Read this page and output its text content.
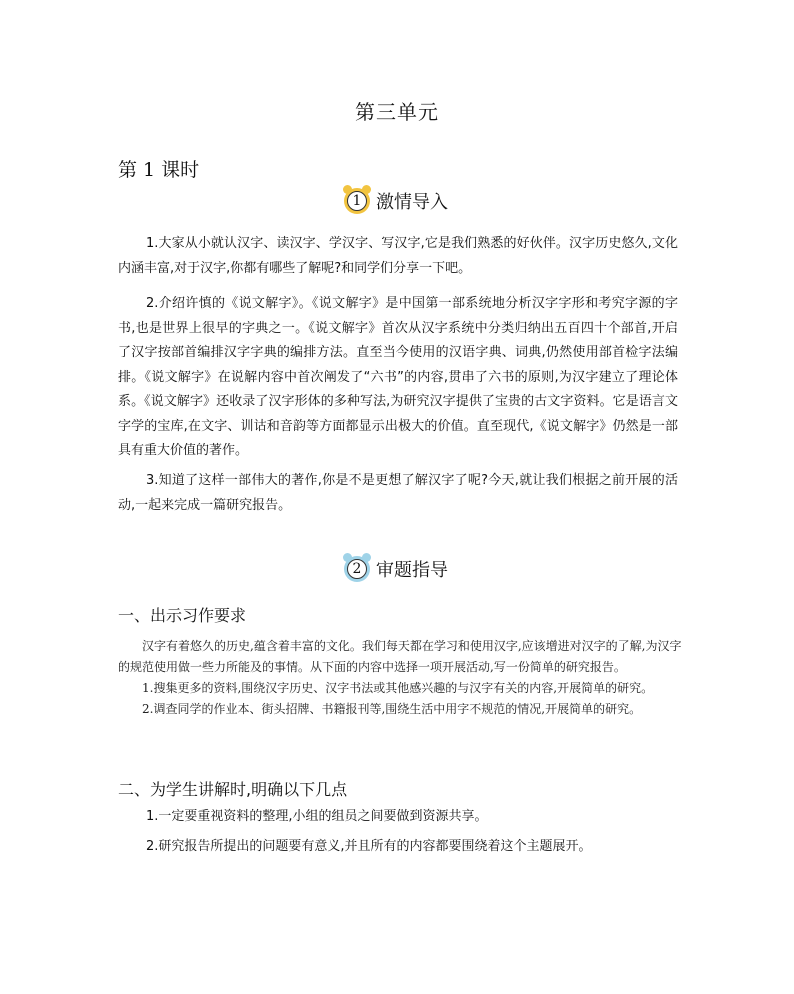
第三单元
第 1 课时
1 激情导入
1.大家从小就认汉字、读汉字、学汉字、写汉字,它是我们熟悉的好伙伴。汉字历史悠久,文化内涵丰富,对于汉字,你都有哪些了解呢?和同学们分享一下吧。
2.介绍许慎的《说文解字》。《说文解字》是中国第一部系统地分析汉字字形和考究字源的字书,也是世界上很早的字典之一。《说文解字》首次从汉字系统中分类归纳出五百四十个部首,开启了汉字按部首编排汉字字典的编排方法。直至当今使用的汉语字典、词典,仍然使用部首检字法编排。《说文解字》在说解内容中首次阐发了“六书”的内容,贯串了六书的原则,为汉字建立了理论体系。《说文解字》还收录了汉字形体的多种写法,为研究汉字提供了宝贵的古文字资料。它是语言文字学的宝库,在文字、训诂和音韵等方面都显示出极大的价值。直至现代,《说文解字》仍然是一部具有重大价值的著作。
3.知道了这样一部伟大的著作,你是不是更想了解汉字了呢?今天,就让我们根据之前开展的活动,一起来完成一篇研究报告。
2 审题指导
一、出示习作要求

汉字有着悠久的历史,蕴含着丰富的文化。我们每天都在学习和使用汉字,应该增进对汉字的了解,为汉字的规范使用做一些力所能及的事情。从下面的内容中选择一项开展活动,写一份简单的研究报告。

1.搜集更多的资料,围绕汉字历史、汉字书法或其他感兴趣的与汉字有关的内容,开展简单的研究。

2.调查同学的作业本、街头招牌、书籍报刊等,围绕生活中用字不规范的情况,开展简单的研究。

二、为学生讲解时,明确以下几点
1.一定要重视资料的整理,小组的组员之间要做到资源共享。
2.研究报告所提出的问题要有意义,并且所有的内容都要围绕着这个主题展开。
